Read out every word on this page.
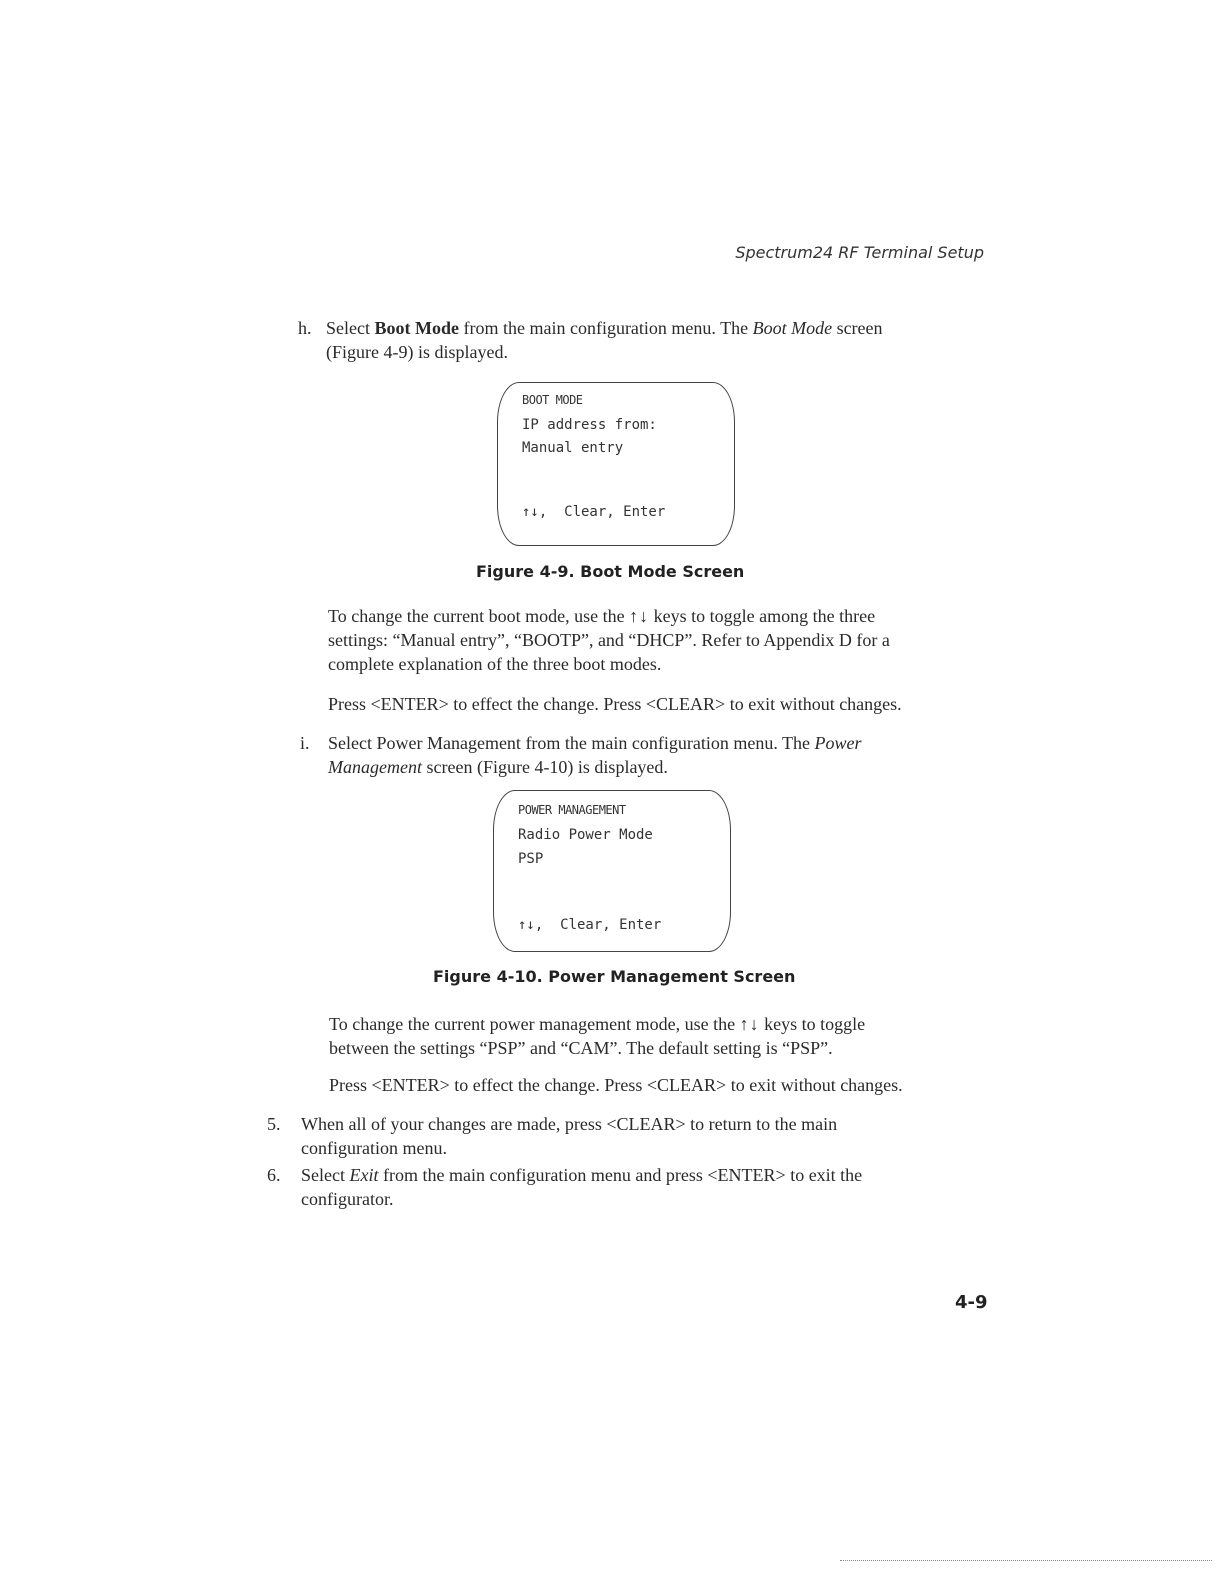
Spectrum24 RF Terminal Setup
h. Select Boot Mode from the main configuration menu. The Boot Mode screen
(Figure 4-9) is displayed.
BOOT MODE
IP address from:
Manual entry
↑↓,  Clear, Enter
Figure 4-9. Boot Mode Screen
To change the current boot mode, use the ↑↓ keys to toggle among the three
settings: “Manual entry”, “BOOTP”, and “DHCP”. Refer to Appendix D for a
complete explanation of the three boot modes.
Press <ENTER> to effect the change. Press <CLEAR> to exit without changes.
i. Select Power Management from the main configuration menu. The Power
Management screen (Figure 4-10) is displayed.
POWER MANAGEMENT
Radio Power Mode
PSP
↑↓,  Clear, Enter
Figure 4-10. Power Management Screen
To change the current power management mode, use the ↑↓ keys to toggle
between the settings “PSP” and “CAM”. The default setting is “PSP”.
Press <ENTER> to effect the change. Press <CLEAR> to exit without changes.
5. When all of your changes are made, press <CLEAR> to return to the main
configuration menu.
6. Select Exit from the main configuration menu and press <ENTER> to exit the
configurator.
4-9
